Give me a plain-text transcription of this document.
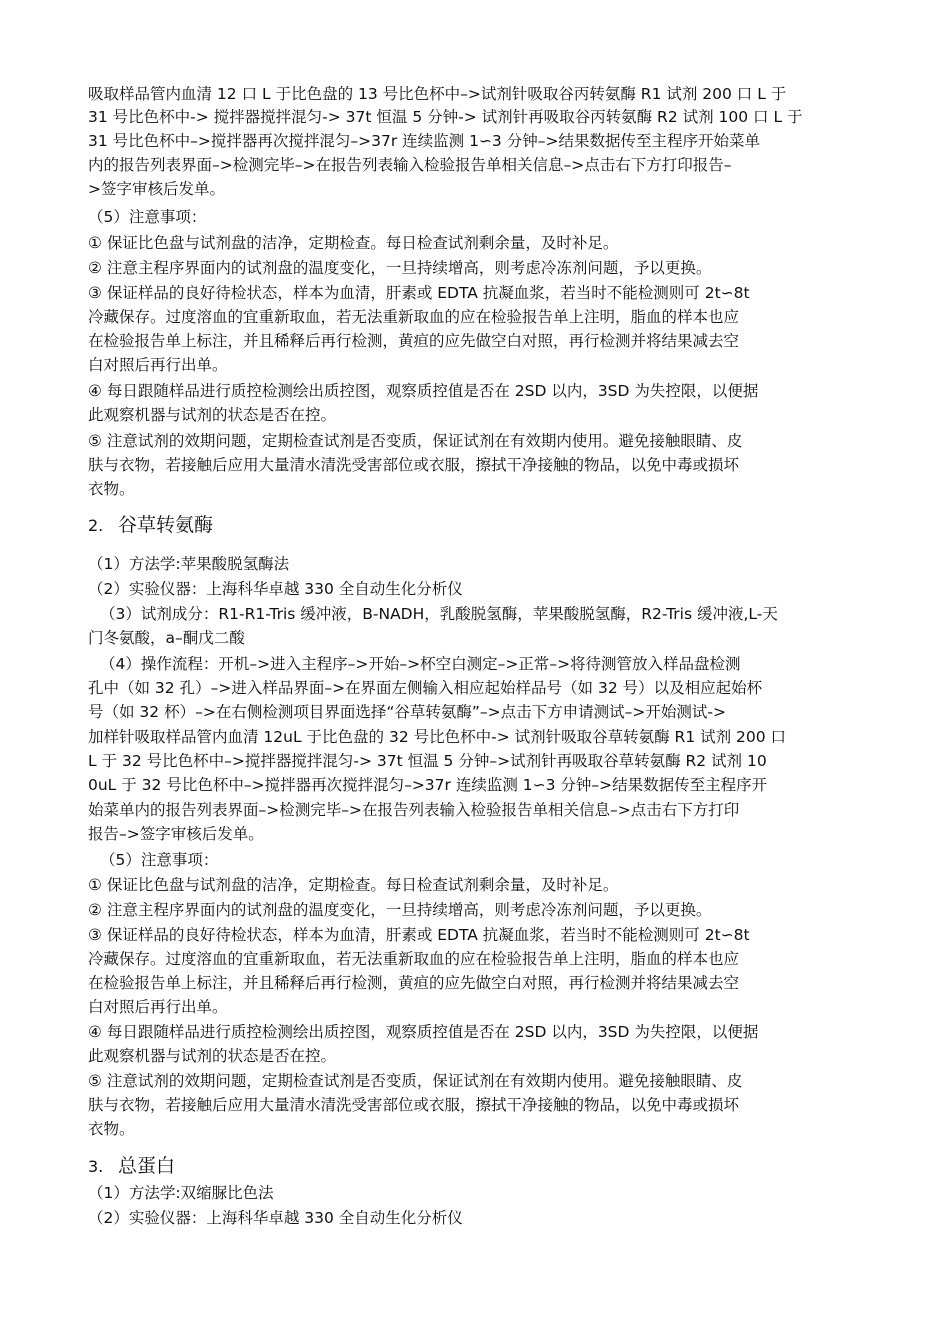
吸取样品管内血清 12 口 L 于比色盘的 13 号比色杯中–>试剂针吸取谷丙转氨酶 R1 试剂 200 口 L 于
31 号比色杯中-> 搅拌器搅拌混匀-> 37t 恒温 5 分钟-> 试剂针再吸取谷丙转氨酶 R2 试剂 100 口 L 于
31 号比色杯中–>搅拌器再次搅拌混匀–>37r 连续监测 1∽3 分钟–>结果数据传至主程序开始菜单
内的报告列表界面–>检测完毕–>在报告列表输入检验报告单相关信息–>点击右下方打印报告–
>签字审核后发单。
（5）注意事项：
① 保证比色盘与试剂盘的洁净，定期检查。每日检查试剂剩余量，及时补足。
② 注意主程序界面内的试剂盘的温度变化，一旦持续增高，则考虑冷冻剂问题，予以更换。
③ 保证样品的良好待检状态，样本为血清，肝素或 EDTA 抗凝血浆，若当时不能检测则可 2t∽8t
冷藏保存。过度溶血的宜重新取血，若无法重新取血的应在检验报告单上注明，脂血的样本也应
在检验报告单上标注，并且稀释后再行检测，黄疸的应先做空白对照，再行检测并将结果减去空
白对照后再行出单。
④ 每日跟随样品进行质控检测绘出质控图，观察质控值是否在 2SD 以内，3SD 为失控限，以便据
此观察机器与试剂的状态是否在控。
⑤ 注意试剂的效期问题，定期检查试剂是否变质，保证试剂在有效期内使用。避免接触眼睛、皮
肤与衣物，若接触后应用大量清水清洗受害部位或衣服，擦拭干净接触的物品，以免中毒或损坏
衣物。
2. 谷草转氨酶
（1）方法学:苹果酸脱氢酶法
（2）实验仪器：上海科华卓越 330 全自动生化分析仪
（3）试剂成分：R1-R1-Tris 缓冲液，B-NADH，乳酸脱氢酶，苹果酸脱氢酶，R2-Tris 缓冲液,L-天
门冬氨酸，a–酮戊二酸
（4）操作流程：开机–>进入主程序–>开始–>杯空白测定–>正常–>将待测管放入样品盘检测
孔中（如 32 孔）–>进入样品界面–>在界面左侧输入相应起始样品号（如 32 号）以及相应起始杯
号（如 32 杯）–>在右侧检测项目界面选择“谷草转氨酶”–>点击下方申请测试–>开始测试->
加样针吸取样品管内血清 12uL 于比色盘的 32 号比色杯中-> 试剂针吸取谷草转氨酶 R1 试剂 200 口
L 于 32 号比色杯中–>搅拌器搅拌混匀-> 37t 恒温 5 分钟–>试剂针再吸取谷草转氨酶 R2 试剂 10
0uL 于 32 号比色杯中–>搅拌器再次搅拌混匀–>37r 连续监测 1∽3 分钟–>结果数据传至主程序开
始菜单内的报告列表界面–>检测完毕–>在报告列表输入检验报告单相关信息–>点击右下方打印
报告–>签字审核后发单。
（5）注意事项：
① 保证比色盘与试剂盘的洁净，定期检查。每日检查试剂剩余量，及时补足。
② 注意主程序界面内的试剂盘的温度变化，一旦持续增高，则考虑冷冻剂问题，予以更换。
③ 保证样品的良好待检状态，样本为血清，肝素或 EDTA 抗凝血浆，若当时不能检测则可 2t∽8t
冷藏保存。过度溶血的宜重新取血，若无法重新取血的应在检验报告单上注明，脂血的样本也应
在检验报告单上标注，并且稀释后再行检测，黄疸的应先做空白对照，再行检测并将结果减去空
白对照后再行出单。
④ 每日跟随样品进行质控检测绘出质控图，观察质控值是否在 2SD 以内，3SD 为失控限，以便据
此观察机器与试剂的状态是否在控。
⑤ 注意试剂的效期问题，定期检查试剂是否变质，保证试剂在有效期内使用。避免接触眼睛、皮
肤与衣物，若接触后应用大量清水清洗受害部位或衣服，擦拭干净接触的物品，以免中毒或损坏
衣物。
3. 总蛋白
（1）方法学:双缩脲比色法
（2）实验仪器：上海科华卓越 330 全自动生化分析仪
